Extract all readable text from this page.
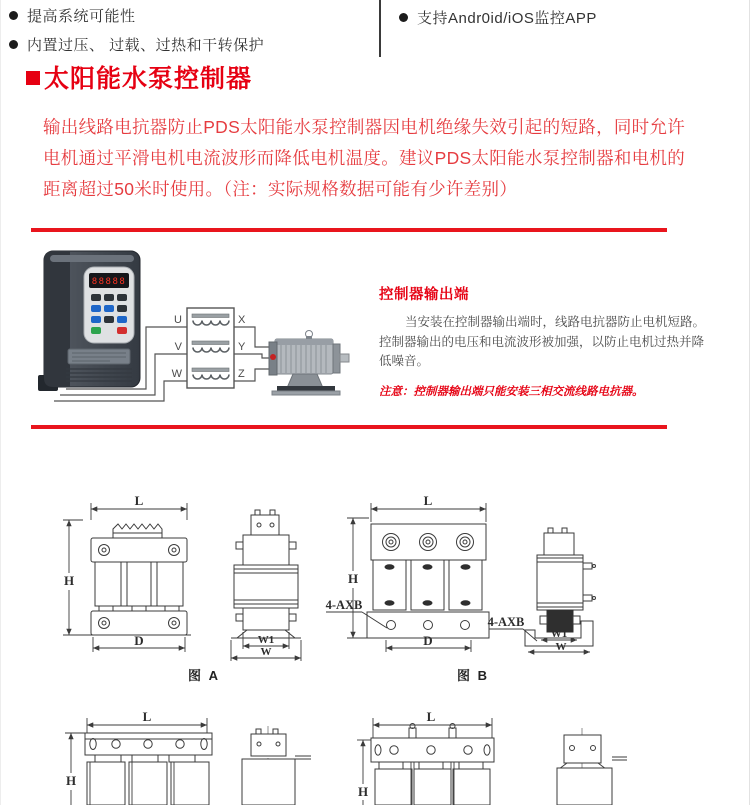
提高系统可能性
内置过压、 过载、过热和干转保护
支持Andr0id/iOS监控APP
太阳能水泵控制器
输出线路电抗器防止PDS太阳能水泵控制器因电机绝缘失效引起的短路，同时允许
电机通过平滑电机电流波形而降低电机温度。建议PDS太阳能水泵控制器和电机的
距离超过50米时使用。（注：实际规格数据可能有少许差别）
U
V
W
X
Y
Z
88888
控制器输出端
当安装在控制器输出端时，线路电抗器防止电机短路。
控制器输出的电压和电流波形被加强，以防止电机过热并降
低噪音。
注意：控制器输出端只能安装三相交流线路电抗器。
L
H
D	W1
W
图 A
L
H
4-AXB
D	W1
W
4-AXB
图 B
L
H
L
H
